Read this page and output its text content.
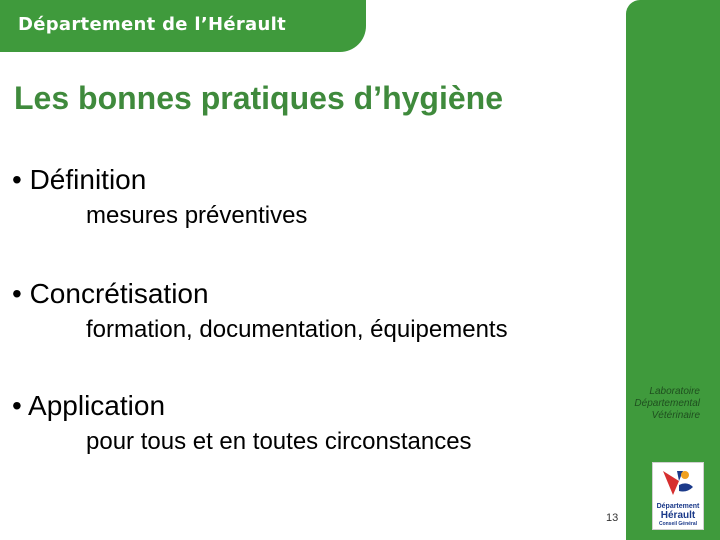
Département de l’Hérault
Les bonnes pratiques d’hygiène
• Définition
mesures préventives
• Concrétisation
formation, documentation, équipements
• Application
pour tous et en toutes circonstances
Laboratoire
Départemental
Vétérinaire
Département
Hérault
Conseil Général
13
